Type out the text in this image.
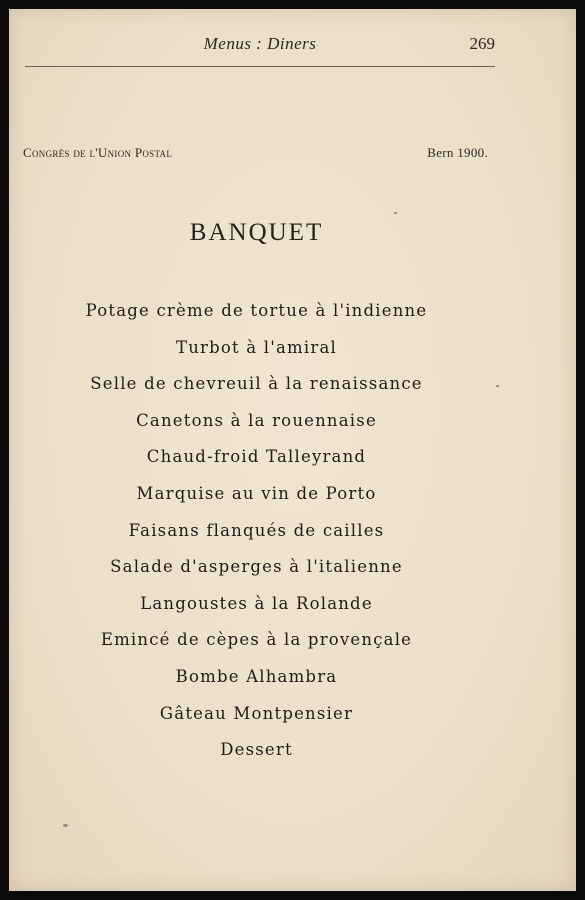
Menus : Diners	269
Congrès de l'Union Postal	Bern 1900.
BANQUET
Potage crème de tortue à l'indienne
Turbot à l'amiral
Selle de chevreuil à la renaissance
Canetons à la rouennaise
Chaud-froid Talleyrand
Marquise au vin de Porto
Faisans flanqués de cailles
Salade d'asperges à l'italienne
Langoustes à la Rolande
Emincé de cèpes à la provençale
Bombe Alhambra
Gâteau Montpensier
Dessert
